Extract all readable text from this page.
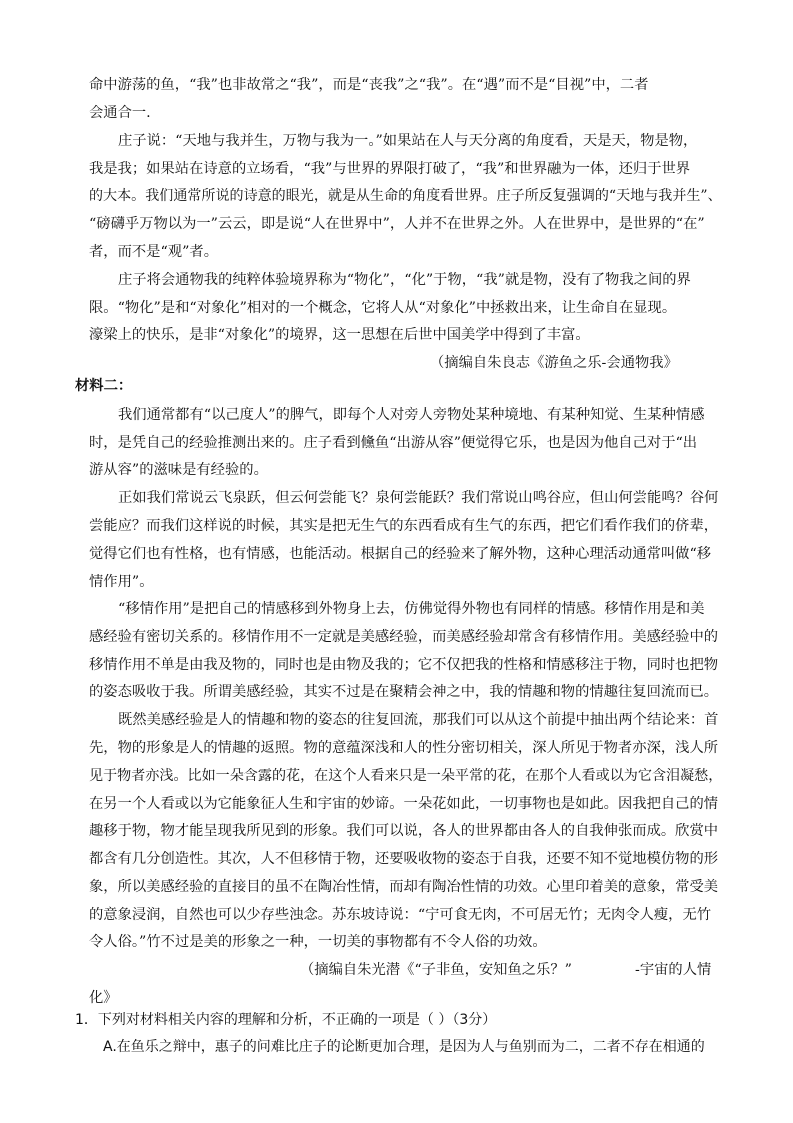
命中游荡的鱼，“我”也非故常之“我”，而是“丧我”之“我”。在“遇”而不是“目视”中，二者
会通合一.
庄子说：“天地与我并生，万物与我为一。”如果站在人与天分离的角度看，天是天，物是物，
我是我；如果站在诗意的立场看，“我”与世界的界限打破了，“我”和世界融为一体，还归于世界
的大本。我们通常所说的诗意的眼光，就是从生命的角度看世界。庄子所反复强调的“天地与我并生”、
“磅礴乎万物以为一”云云，即是说“人在世界中”，人并不在世界之外。人在世界中，是世界的“在”
者，而不是“观”者。
庄子将会通物我的纯粹体验境界称为“物化”，“化”于物，“我”就是物，没有了物我之间的界
限。“物化”是和“对象化”相对的一个概念，它将人从“对象化”中拯救出来，让生命自在显现。
濠梁上的快乐，是非“对象化”的境界，这一思想在后世中国美学中得到了丰富。
（摘编自朱良志《游鱼之乐-会通物我》
材料二：
我们通常都有“以己度人”的脾气，即每个人对旁人旁物处某种境地、有某种知觉、生某种情感
时，是凭自己的经验推测出来的。庄子看到儵鱼“出游从容”便觉得它乐，也是因为他自己对于“出
游从容”的滋味是有经验的。
正如我们常说云飞泉跃，但云何尝能飞？泉何尝能跃？我们常说山鸣谷应，但山何尝能鸣？谷何
尝能应？而我们这样说的时候，其实是把无生气的东西看成有生气的东西，把它们看作我们的侪辈，
觉得它们也有性格，也有情感，也能活动。根据自己的经验来了解外物，这种心理活动通常叫做“移
情作用”。
“移情作用”是把自己的情感移到外物身上去，仿佛觉得外物也有同样的情感。移情作用是和美
感经验有密切关系的。移情作用不一定就是美感经验，而美感经验却常含有移情作用。美感经验中的
移情作用不单是由我及物的，同时也是由物及我的；它不仅把我的性格和情感移注于物，同时也把物
的姿态吸收于我。所谓美感经验，其实不过是在聚精会神之中，我的情趣和物的情趣往复回流而已。
既然美感经验是人的情趣和物的姿态的往复回流，那我们可以从这个前提中抽出两个结论来：首
先，物的形象是人的情趣的返照。物的意蕴深浅和人的性分密切相关，深人所见于物者亦深，浅人所
见于物者亦浅。比如一朵含露的花，在这个人看来只是一朵平常的花，在那个人看或以为它含泪凝愁，
在另一个人看或以为它能象征人生和宇宙的妙谛。一朵花如此，一切事物也是如此。因我把自己的情
趣移于物，物才能呈现我所见到的形象。我们可以说，各人的世界都由各人的自我伸张而成。欣赏中
都含有几分创造性。其次，人不但移情于物，还要吸收物的姿态于自我，还要不知不觉地模仿物的形
象，所以美感经验的直接目的虽不在陶冶性情，而却有陶冶性情的功效。心里印着美的意象，常受美
的意象浸润，自然也可以少存些浊念。苏东坡诗说：“宁可食无肉，不可居无竹；无肉令人瘦，无竹
令人俗。”竹不过是美的形象之一种，一切美的事物都有不令人俗的功效。
（摘编自朱光潜《“子非鱼，安知鱼之乐？”	-宇宙的人情
化》
1．下列对材料相关内容的理解和分析，不正确的一项是（ ）（3分）
A.在鱼乐之辩中，惠子的问难比庄子的论断更加合理，是因为人与鱼别而为二，二者不存在相通的
